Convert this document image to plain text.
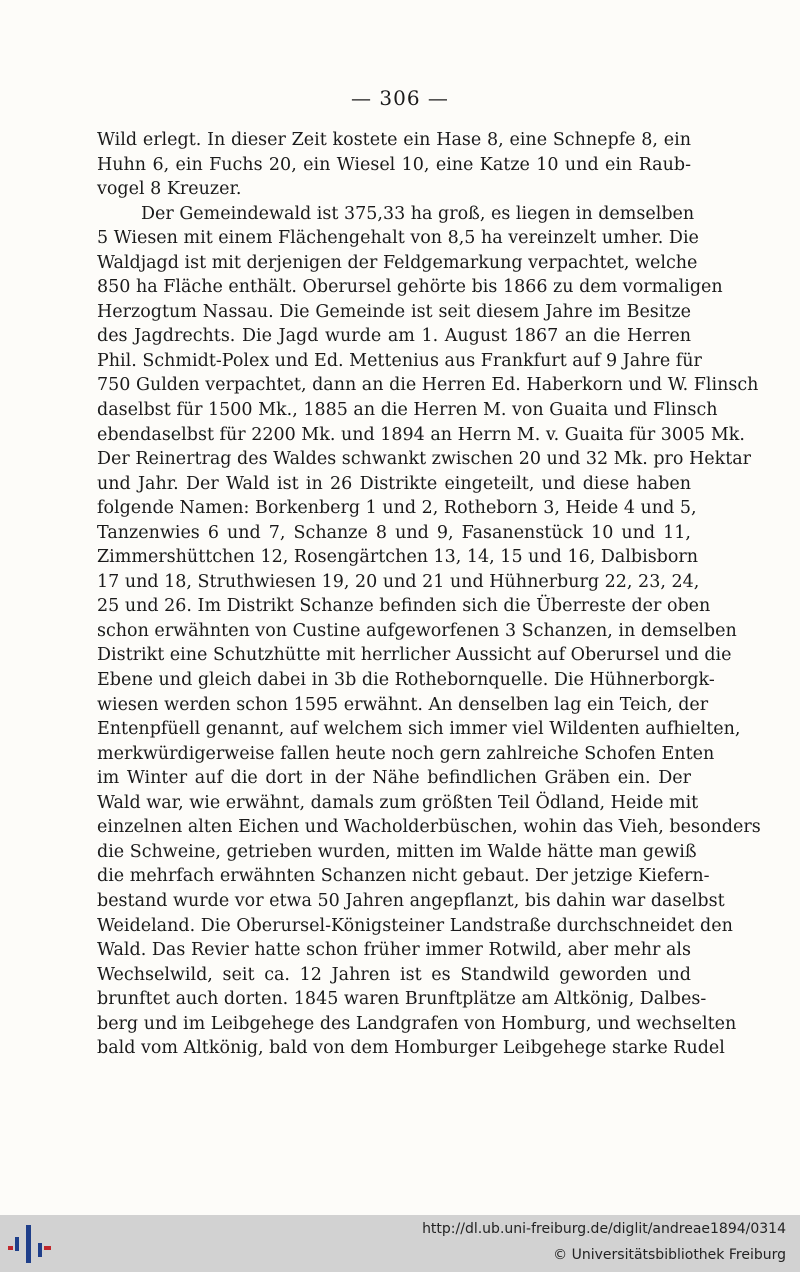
— 306 —
Wild erlegt. In dieser Zeit kostete ein Hase 8, eine Schnepfe 8, ein
Huhn 6, ein Fuchs 20, ein Wiesel 10, eine Katze 10 und ein Raub-
vogel 8 Kreuzer.
Der Gemeindewald ist 375,33 ha groß, es liegen in demselben
5 Wiesen mit einem Flächengehalt von 8,5 ha vereinzelt umher. Die
Waldjagd ist mit derjenigen der Feldgemarkung verpachtet, welche
850 ha Fläche enthält. Oberursel gehörte bis 1866 zu dem vormaligen
Herzogtum Nassau. Die Gemeinde ist seit diesem Jahre im Besitze
des Jagdrechts. Die Jagd wurde am 1. August 1867 an die Herren
Phil. Schmidt-Polex und Ed. Mettenius aus Frankfurt auf 9 Jahre für
750 Gulden verpachtet, dann an die Herren Ed. Haberkorn und W. Flinsch
daselbst für 1500 Mk., 1885 an die Herren M. von Guaita und Flinsch
ebendaselbst für 2200 Mk. und 1894 an Herrn M. v. Guaita für 3005 Mk.
Der Reinertrag des Waldes schwankt zwischen 20 und 32 Mk. pro Hektar
und Jahr. Der Wald ist in 26 Distrikte eingeteilt, und diese haben
folgende Namen: Borkenberg 1 und 2, Rotheborn 3, Heide 4 und 5,
Tanzenwies 6 und 7, Schanze 8 und 9, Fasanenstück 10 und 11,
Zimmershüttchen 12, Rosengärtchen 13, 14, 15 und 16, Dalbisborn
17 und 18, Struthwiesen 19, 20 und 21 und Hühnerburg 22, 23, 24,
25 und 26. Im Distrikt Schanze befinden sich die Überreste der oben
schon erwähnten von Custine aufgeworfenen 3 Schanzen, in demselben
Distrikt eine Schutzhütte mit herrlicher Aussicht auf Oberursel und die
Ebene und gleich dabei in 3b die Rothebornquelle. Die Hühnerborgk-
wiesen werden schon 1595 erwähnt. An denselben lag ein Teich, der
Entenpfüell genannt, auf welchem sich immer viel Wildenten aufhielten,
merkwürdigerweise fallen heute noch gern zahlreiche Schofen Enten
im Winter auf die dort in der Nähe befindlichen Gräben ein. Der
Wald war, wie erwähnt, damals zum größten Teil Ödland, Heide mit
einzelnen alten Eichen und Wacholderbüschen, wohin das Vieh, besonders
die Schweine, getrieben wurden, mitten im Walde hätte man gewiß
die mehrfach erwähnten Schanzen nicht gebaut. Der jetzige Kiefern-
bestand wurde vor etwa 50 Jahren angepflanzt, bis dahin war daselbst
Weideland. Die Oberursel-Königsteiner Landstraße durchschneidet den
Wald. Das Revier hatte schon früher immer Rotwild, aber mehr als
Wechselwild, seit ca. 12 Jahren ist es Standwild geworden und
brunftet auch dorten. 1845 waren Brunftplätze am Altkönig, Dalbes-
berg und im Leibgehege des Landgrafen von Homburg, und wechselten
bald vom Altkönig, bald von dem Homburger Leibgehege starke Rudel
http://dl.ub.uni-freiburg.de/diglit/andreae1894/0314
© Universitätsbibliothek Freiburg
